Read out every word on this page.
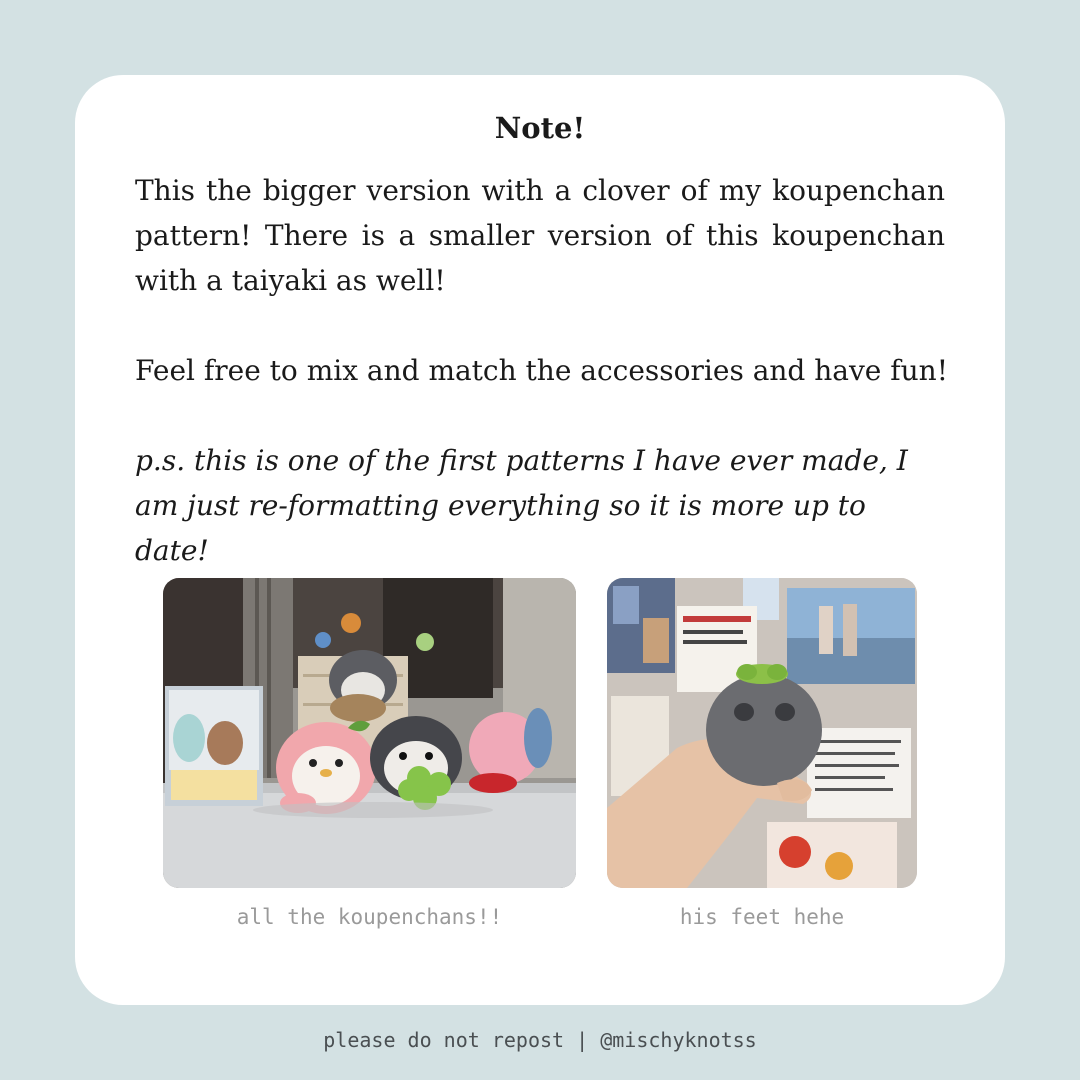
Note!

This the bigger version with a clover of my koupenchan pattern! There is a smaller version of this koupenchan with a taiyaki as well!

Feel free to mix and match the accessories and have fun!

p.s. this is one of the first patterns I have ever made, I am just re-formatting everything so it is more up to date!

all the koupenchans!!	his feet hehe

please do not repost | @mischyknotss
